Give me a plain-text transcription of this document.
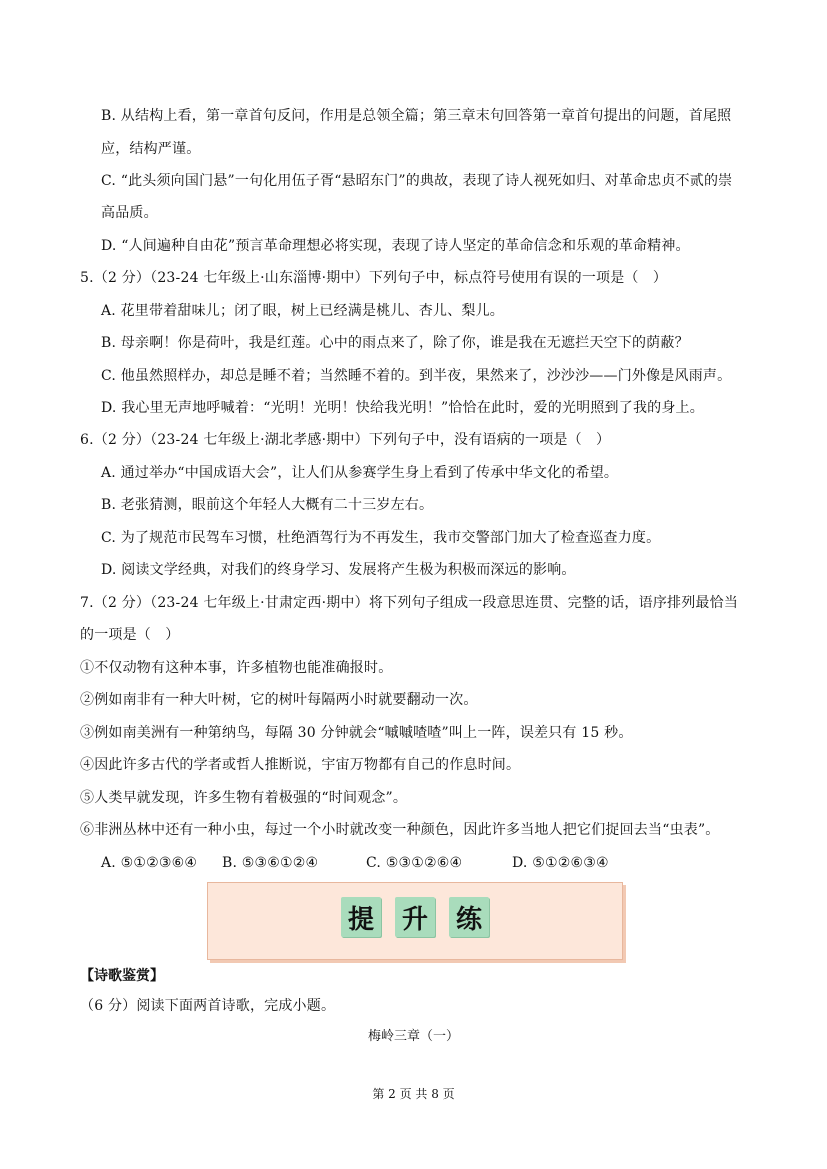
B. 从结构上看，第一章首句反问，作用是总领全篇；第三章末句回答第一章首句提出的问题，首尾照
应，结构严谨。
C. “此头须向国门悬”一句化用伍子胥“悬昭东门”的典故，表现了诗人视死如归、对革命忠贞不贰的崇
高品质。
D. “人间遍种自由花”预言革命理想必将实现，表现了诗人坚定的革命信念和乐观的革命精神。
5.（2 分）（23-24 七年级上·山东淄博·期中）下列句子中，标点符号使用有误的一项是（　）
A. 花里带着甜味儿；闭了眼，树上已经满是桃儿、杏儿、梨儿。
B. 母亲啊！你是荷叶，我是红莲。心中的雨点来了，除了你，谁是我在无遮拦天空下的荫蔽？
C. 他虽然照样办，却总是睡不着；当然睡不着的。到半夜，果然来了，沙沙沙——门外像是风雨声。
D. 我心里无声地呼喊着：“光明！光明！快给我光明！”恰恰在此时，爱的光明照到了我的身上。
6.（2 分）（23-24 七年级上·湖北孝感·期中）下列句子中，没有语病的一项是（　）
A. 通过举办“中国成语大会”，让人们从参赛学生身上看到了传承中华文化的希望。
B. 老张猜测，眼前这个年轻人大概有二十三岁左右。
C. 为了规范市民驾车习惯，杜绝酒驾行为不再发生，我市交警部门加大了检查巡查力度。
D. 阅读文学经典，对我们的终身学习、发展将产生极为积极而深远的影响。
7.（2 分）（23-24 七年级上·甘肃定西·期中）将下列句子组成一段意思连贯、完整的话，语序排列最恰当
的一项是（　）
①不仅动物有这种本事，许多植物也能准确报时。
②例如南非有一种大叶树，它的树叶每隔两小时就要翻动一次。
③例如南美洲有一种第纳鸟，每隔 30 分钟就会“嘁嘁喳喳”叫上一阵，误差只有 15 秒。
④因此许多古代的学者或哲人推断说，宇宙万物都有自己的作息时间。
⑤人类早就发现，许多生物有着极强的“时间观念”。
⑥非洲丛林中还有一种小虫，每过一个小时就改变一种颜色，因此许多当地人把它们捉回去当“虫表”。
A. ⑤①②③⑥④ B. ⑤③⑥①②④	C. ⑤③①②⑥④	D. ⑤①②⑥③④
提 升 练
【诗歌鉴赏】
（6 分）阅读下面两首诗歌，完成小题。
梅岭三章（一）
第 2 页 共 8 页
